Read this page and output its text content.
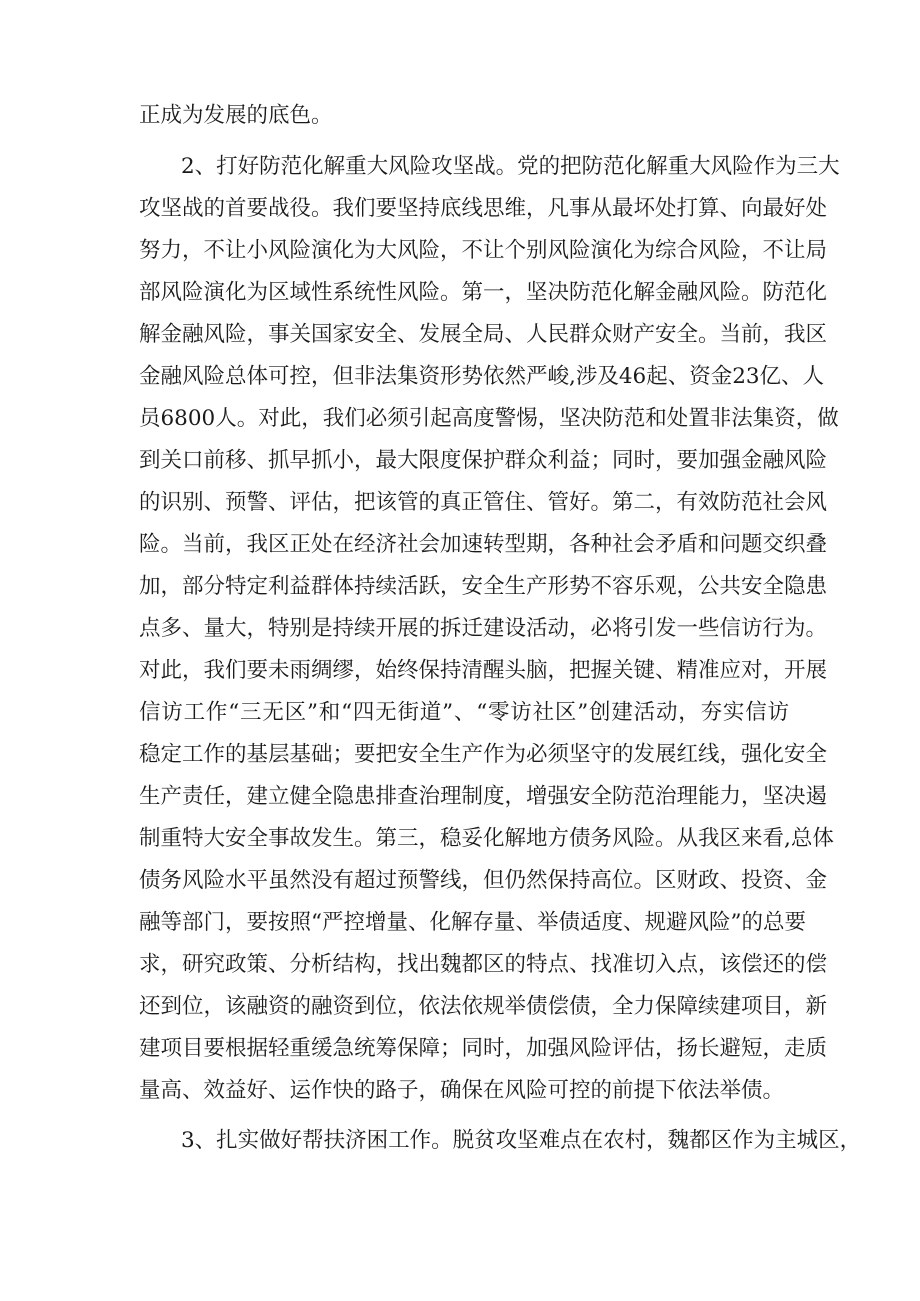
正成为发展的底色。
2、打好防范化解重大风险攻坚战。党的把防范化解重大风险作为三大
攻坚战的首要战役。我们要坚持底线思维，凡事从最坏处打算、向最好处
努力，不让小风险演化为大风险，不让个别风险演化为综合风险，不让局
部风险演化为区域性系统性风险。第一，坚决防范化解金融风险。防范化
解金融风险，事关国家安全、发展全局、人民群众财产安全。当前，我区
金融风险总体可控，但非法集资形势依然严峻,涉及46起、资金23亿、人
员6800人。对此，我们必须引起高度警惕，坚决防范和处置非法集资，做
到关口前移、抓早抓小，最大限度保护群众利益；同时，要加强金融风险
的识别、预警、评估，把该管的真正管住、管好。第二，有效防范社会风
险。当前，我区正处在经济社会加速转型期，各种社会矛盾和问题交织叠
加，部分特定利益群体持续活跃，安全生产形势不容乐观，公共安全隐患
点多、量大，特别是持续开展的拆迁建设活动，必将引发一些信访行为。
对此，我们要未雨绸缪，始终保持清醒头脑，把握关键、精准应对，开展
信访工作“三无区”和“四无街道”、“零访社区”创建活动，夯实信访
稳定工作的基层基础；要把安全生产作为必须坚守的发展红线，强化安全
生产责任，建立健全隐患排查治理制度，增强安全防范治理能力，坚决遏
制重特大安全事故发生。第三，稳妥化解地方债务风险。从我区来看,总体
债务风险水平虽然没有超过预警线，但仍然保持高位。区财政、投资、金
融等部门，要按照“严控增量、化解存量、举债适度、规避风险”的总要
求，研究政策、分析结构，找出魏都区的特点、找准切入点，该偿还的偿
还到位，该融资的融资到位，依法依规举债偿债，全力保障续建项目，新
建项目要根据轻重缓急统筹保障；同时，加强风险评估，扬长避短，走质
量高、效益好、运作快的路子，确保在风险可控的前提下依法举债。
3、扎实做好帮扶济困工作。脱贫攻坚难点在农村，魏都区作为主城区，
